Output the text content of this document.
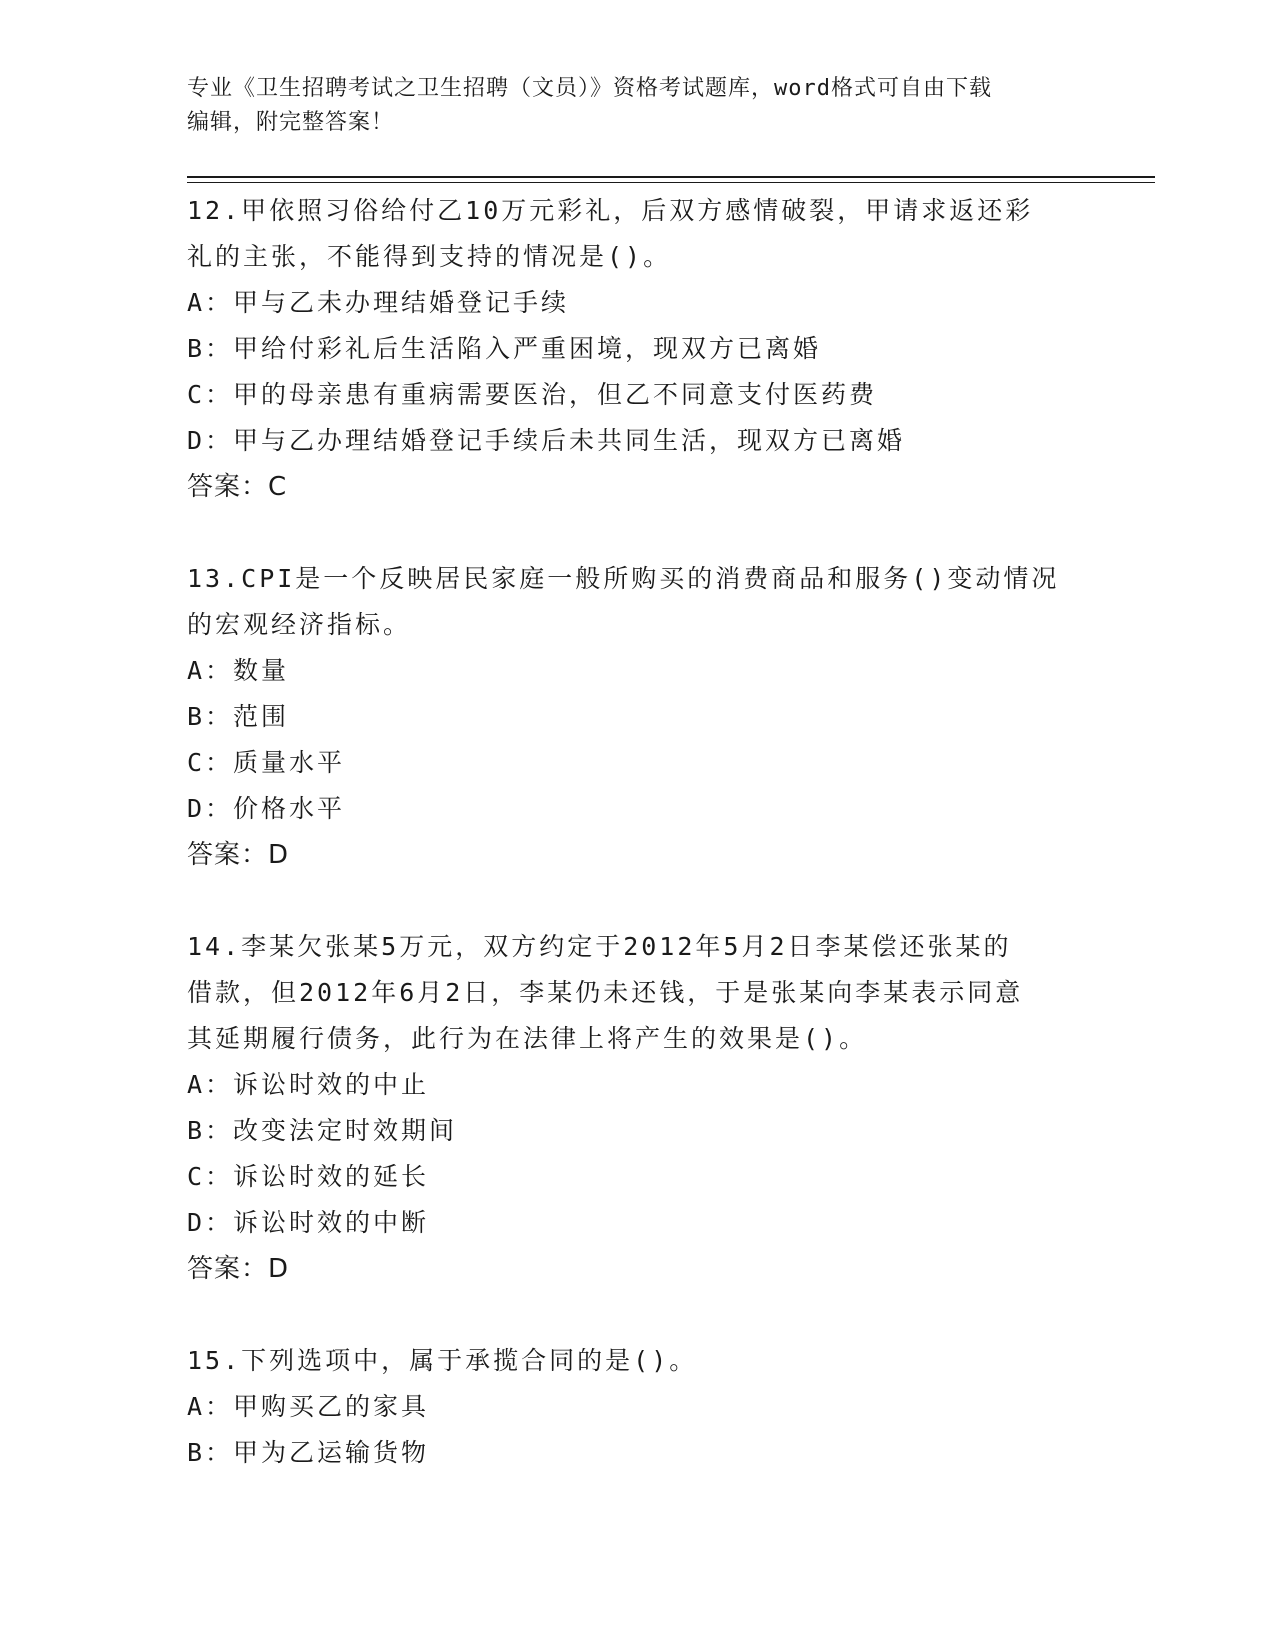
专业《卫生招聘考试之卫生招聘（文员）》资格考试题库，word格式可自由下载
编辑，附完整答案！
12.甲依照习俗给付乙10万元彩礼，后双方感情破裂，甲请求返还彩
礼的主张，不能得到支持的情况是()。
A：甲与乙未办理结婚登记手续
B：甲给付彩礼后生活陷入严重困境，现双方已离婚
C：甲的母亲患有重病需要医治，但乙不同意支付医药费
D：甲与乙办理结婚登记手续后未共同生活，现双方已离婚
答案：C
13.CPI是一个反映居民家庭一般所购买的消费商品和服务()变动情况
的宏观经济指标。
A：数量
B：范围
C：质量水平
D：价格水平
答案：D
14.李某欠张某5万元，双方约定于2012年5月2日李某偿还张某的
借款，但2012年6月2日，李某仍未还钱，于是张某向李某表示同意
其延期履行债务，此行为在法律上将产生的效果是()。
A：诉讼时效的中止
B：改变法定时效期间
C：诉讼时效的延长
D：诉讼时效的中断
答案：D
15.下列选项中，属于承揽合同的是()。
A：甲购买乙的家具
B：甲为乙运输货物
